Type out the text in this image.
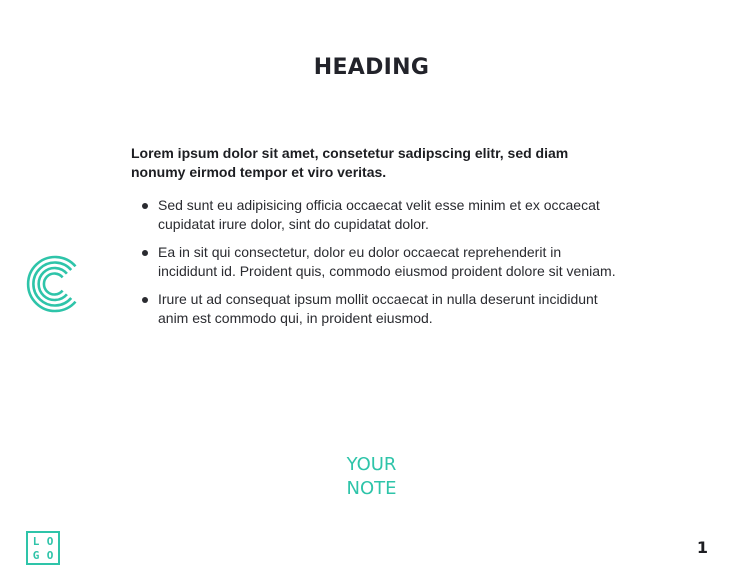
HEADING

Lorem ipsum dolor sit amet, consetetur sadipscing elitr, sed diam nonumy eirmod tempor et viro veritas.

Sed sunt eu adipisicing officia occaecat velit esse minim et ex occaecat cupidatat irure dolor, sint do cupidatat dolor.
Ea in sit qui consectetur, dolor eu dolor occaecat reprehenderit in incididunt id. Proident quis, commodo eiusmod proident dolore sit veniam.
Irure ut ad consequat ipsum mollit occaecat in nulla deserunt incididunt anim est commodo qui, in proident eiusmod.
YOUR
NOTE
L O
G O	1
